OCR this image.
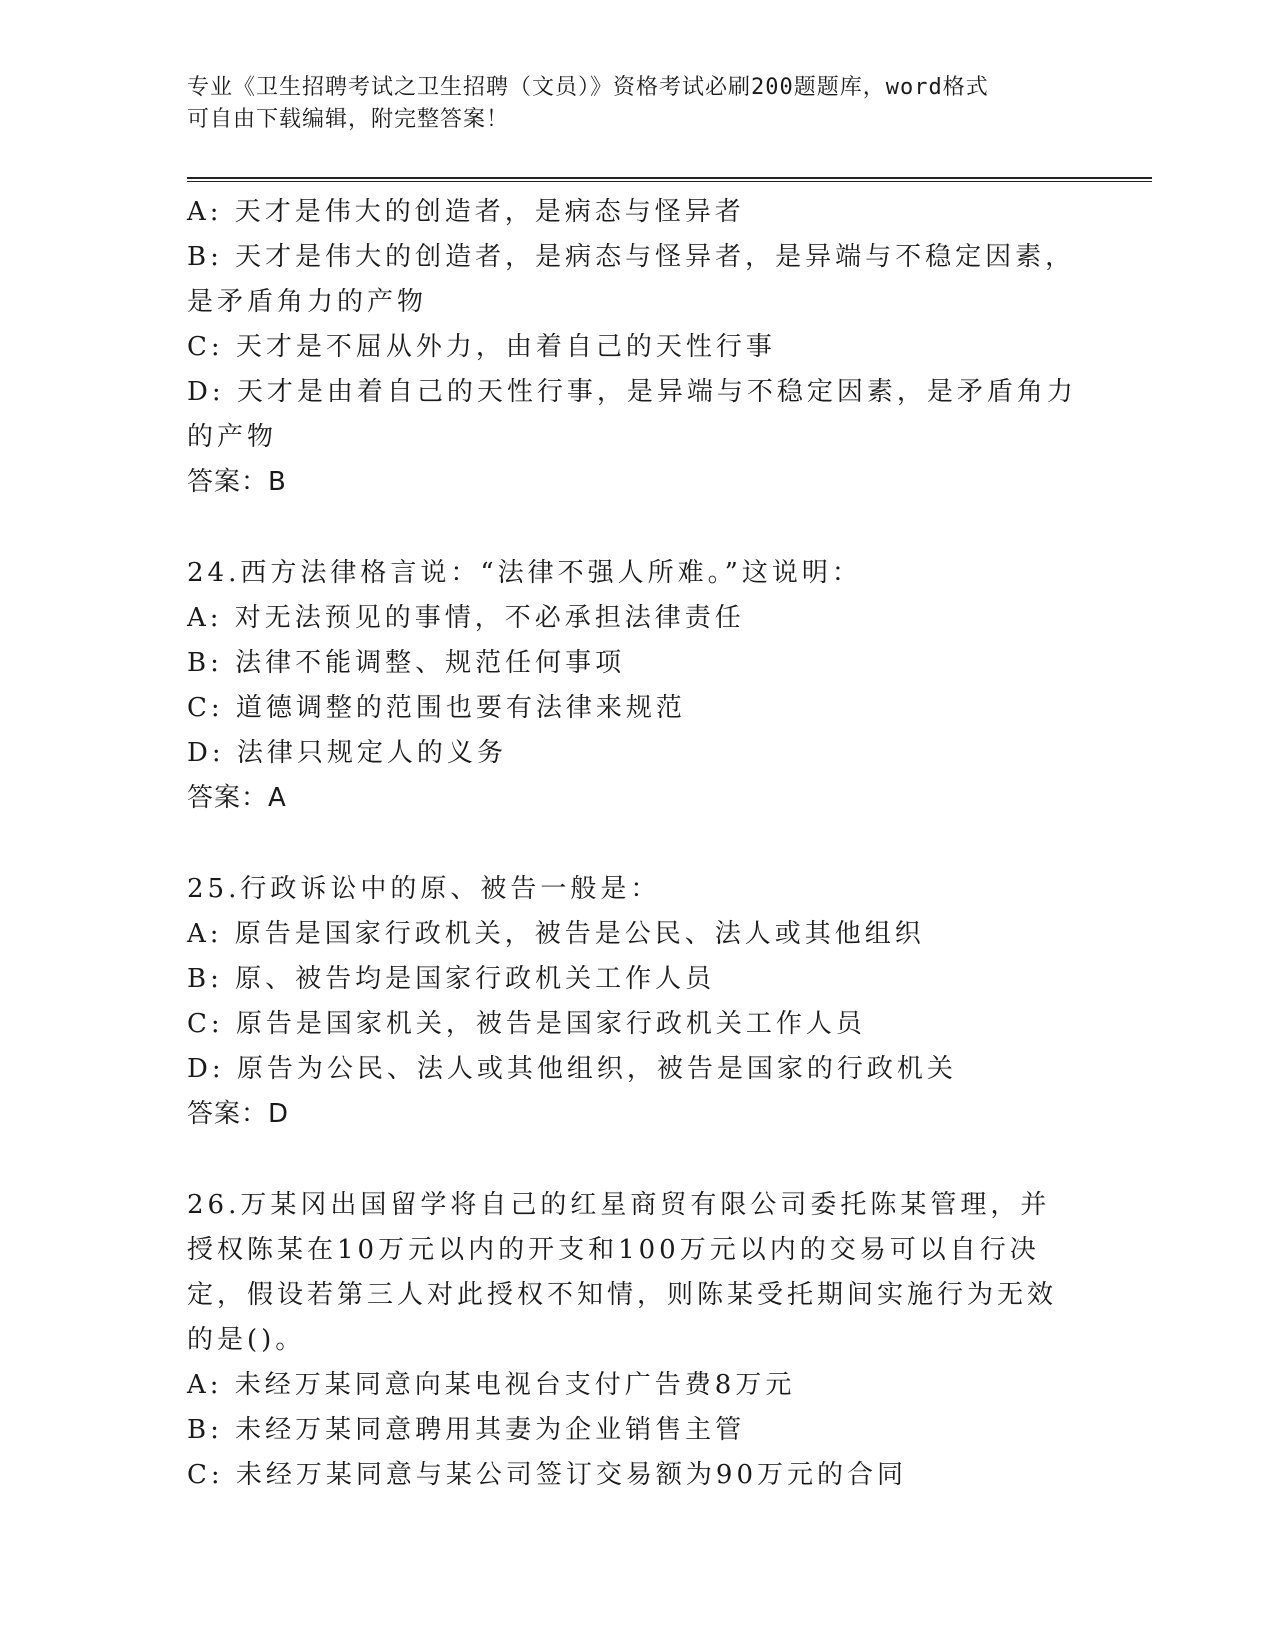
专业《卫生招聘考试之卫生招聘（文员）》资格考试必刷200题题库，word格式
可自由下载编辑，附完整答案！

A: 天才是伟大的创造者，是病态与怪异者

B: 天才是伟大的创造者，是病态与怪异者，是异端与不稳定因素，是矛盾角力的产物

C: 天才是不屈从外力，由着自己的天性行事

D: 天才是由着自己的天性行事，是异端与不稳定因素，是矛盾角力的产物

答案：B

24.西方法律格言说：“法律不强人所难。”这说明：

A: 对无法预见的事情，不必承担法律责任

B: 法律不能调整、规范任何事项

C: 道德调整的范围也要有法律来规范

D: 法律只规定人的义务

答案：A

25.行政诉讼中的原、被告一般是：

A: 原告是国家行政机关，被告是公民、法人或其他组织

B: 原、被告均是国家行政机关工作人员

C: 原告是国家机关，被告是国家行政机关工作人员

D: 原告为公民、法人或其他组织，被告是国家的行政机关

答案：D

26.万某冈出国留学将自己的红星商贸有限公司委托陈某管理，并授权陈某在10万元以内的开支和100万元以内的交易可以自行决定，假设若第三人对此授权不知情，则陈某受托期间实施行为无效的是()。

A: 未经万某同意向某电视台支付广告费8万元

B: 未经万某同意聘用其妻为企业销售主管

C: 未经万某同意与某公司签订交易额为90万元的合同
